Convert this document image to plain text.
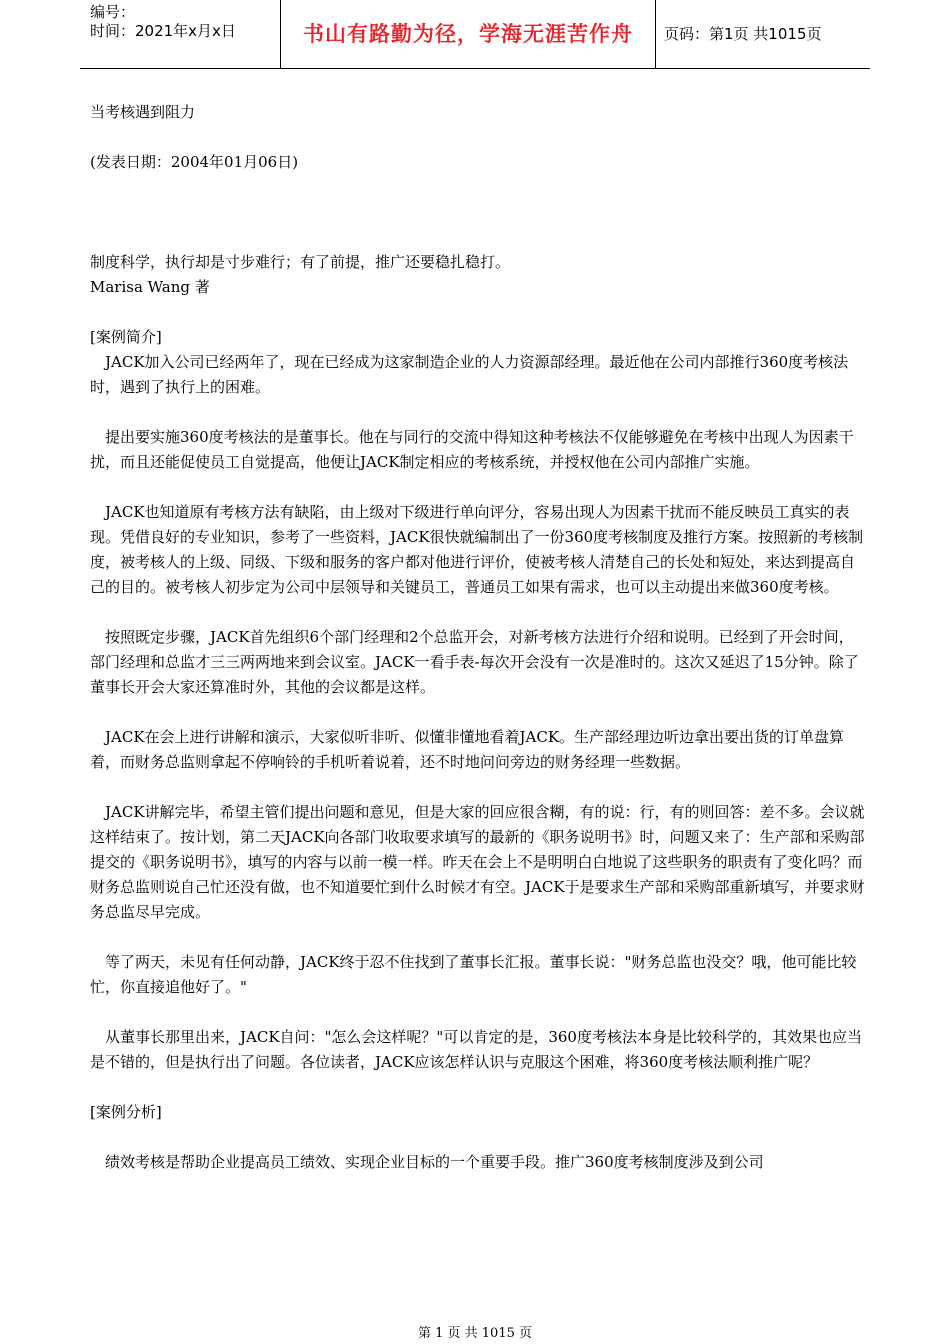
编号：
时间：2021年x月x日	书山有路勤为径，学海无涯苦作舟	页码：第1页 共1015页

当考核遇到阻力

(发表日期：2004年01月06日)

制度科学，执行却是寸步难行；有了前提，推广还要稳扎稳打。

Marisa Wang 著

[案例简介]

JACK加入公司已经两年了，现在已经成为这家制造企业的人力资源部经理。最近他在公司内部推行360度考核法时，遇到了执行上的困难。

提出要实施360度考核法的是董事长。他在与同行的交流中得知这种考核法不仅能够避免在考核中出现人为因素干扰，而且还能促使员工自觉提高，他便让JACK制定相应的考核系统，并授权他在公司内部推广实施。

JACK也知道原有考核方法有缺陷，由上级对下级进行单向评分，容易出现人为因素干扰而不能反映员工真实的表现。凭借良好的专业知识，参考了一些资料，JACK很快就编制出了一份360度考核制度及推行方案。按照新的考核制度，被考核人的上级、同级、下级和服务的客户都对他进行评价，使被考核人清楚自己的长处和短处，来达到提高自己的目的。被考核人初步定为公司中层领导和关键员工，普通员工如果有需求，也可以主动提出来做360度考核。

按照既定步骤，JACK首先组织6个部门经理和2个总监开会，对新考核方法进行介绍和说明。已经到了开会时间，部门经理和总监才三三两两地来到会议室。JACK一看手表-每次开会没有一次是准时的。这次又延迟了15分钟。除了董事长开会大家还算准时外，其他的会议都是这样。

JACK在会上进行讲解和演示，大家似听非听、似懂非懂地看着JACK。生产部经理边听边拿出要出货的订单盘算着，而财务总监则拿起不停响铃的手机听着说着，还不时地问问旁边的财务经理一些数据。

JACK讲解完毕，希望主管们提出问题和意见，但是大家的回应很含糊，有的说：行，有的则回答：差不多。会议就这样结束了。按计划，第二天JACK向各部门收取要求填写的最新的《职务说明书》时，问题又来了：生产部和采购部提交的《职务说明书》，填写的内容与以前一模一样。昨天在会上不是明明白白地说了这些职务的职责有了变化吗？而财务总监则说自己忙还没有做，也不知道要忙到什么时候才有空。JACK于是要求生产部和采购部重新填写，并要求财务总监尽早完成。

等了两天，未见有任何动静，JACK终于忍不住找到了董事长汇报。董事长说："财务总监也没交？哦，他可能比较忙，你直接追他好了。"

从董事长那里出来，JACK自问："怎么会这样呢？"可以肯定的是，360度考核法本身是比较科学的，其效果也应当是不错的，但是执行出了问题。各位读者，JACK应该怎样认识与克服这个困难，将360度考核法顺利推广呢？

[案例分析]

绩效考核是帮助企业提高员工绩效、实现企业目标的一个重要手段。推广360度考核制度涉及到公司

第 1 页 共 1015 页
